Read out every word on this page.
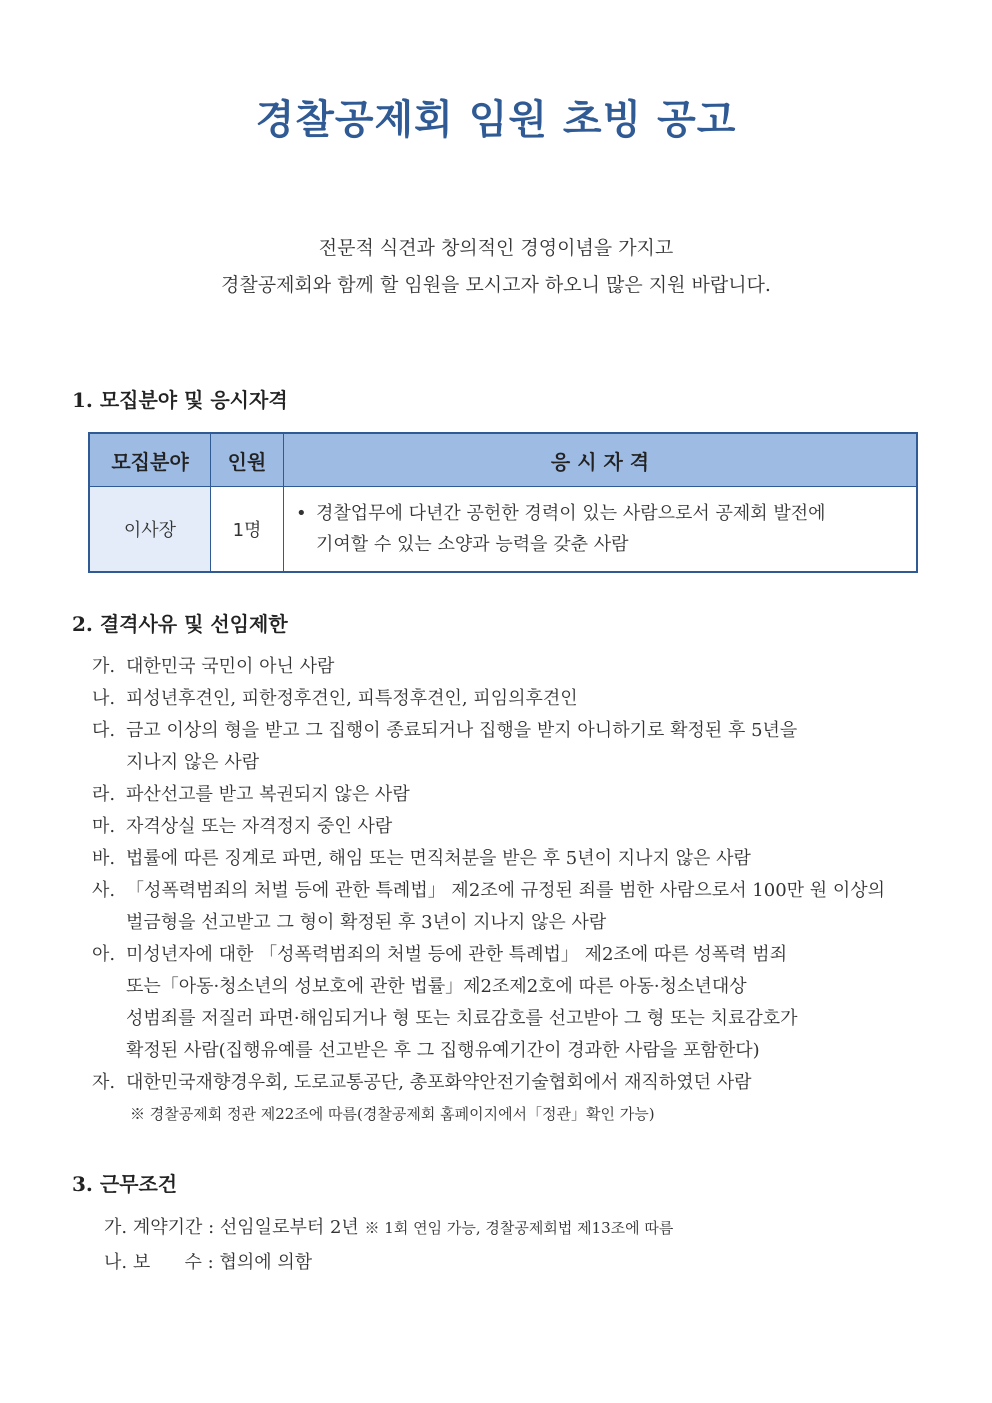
경찰공제회 임원 초빙 공고
전문적 식견과 창의적인 경영이념을 가지고
경찰공제회와 함께 할 임원을 모시고자 하오니 많은 지원 바랍니다.
1. 모집분야 및 응시자격
모집분야	인원	응 시 자 격
이사장	1명	• 경찰업무에 다년간 공헌한 경력이 있는 사람으로서 공제회 발전에
기여할 수 있는 소양과 능력을 갖춘 사람
2. 결격사유 및 선임제한
가. 대한민국 국민이 아닌 사람
나. 피성년후견인, 피한정후견인, 피특정후견인, 피임의후견인
다. 금고 이상의 형을 받고 그 집행이 종료되거나 집행을 받지 아니하기로 확정된 후 5년을
지나지 않은 사람
라. 파산선고를 받고 복권되지 않은 사람
마. 자격상실 또는 자격정지 중인 사람
바. 법률에 따른 징계로 파면, 해임 또는 면직처분을 받은 후 5년이 지나지 않은 사람
사. 「성폭력범죄의 처벌 등에 관한 특례법」 제2조에 규정된 죄를 범한 사람으로서 100만 원 이상의
벌금형을 선고받고 그 형이 확정된 후 3년이 지나지 않은 사람
아. 미성년자에 대한 「성폭력범죄의 처벌 등에 관한 특례법」 제2조에 따른 성폭력 범죄
또는「아동·청소년의 성보호에 관한 법률」제2조제2호에 따른 아동·청소년대상
성범죄를 저질러 파면·해임되거나 형 또는 치료감호를 선고받아 그 형 또는 치료감호가
확정된 사람(집행유예를 선고받은 후 그 집행유예기간이 경과한 사람을 포함한다)
자. 대한민국재향경우회, 도로교통공단, 총포화약안전기술협회에서 재직하였던 사람
※ 경찰공제회 정관 제22조에 따름(경찰공제회 홈페이지에서「정관」확인 가능)
3. 근무조건
가. 계약기간 : 선임일로부터 2년 ※ 1회 연임 가능, 경찰공제회법 제13조에 따름
나. 보      수 : 협의에 의함
